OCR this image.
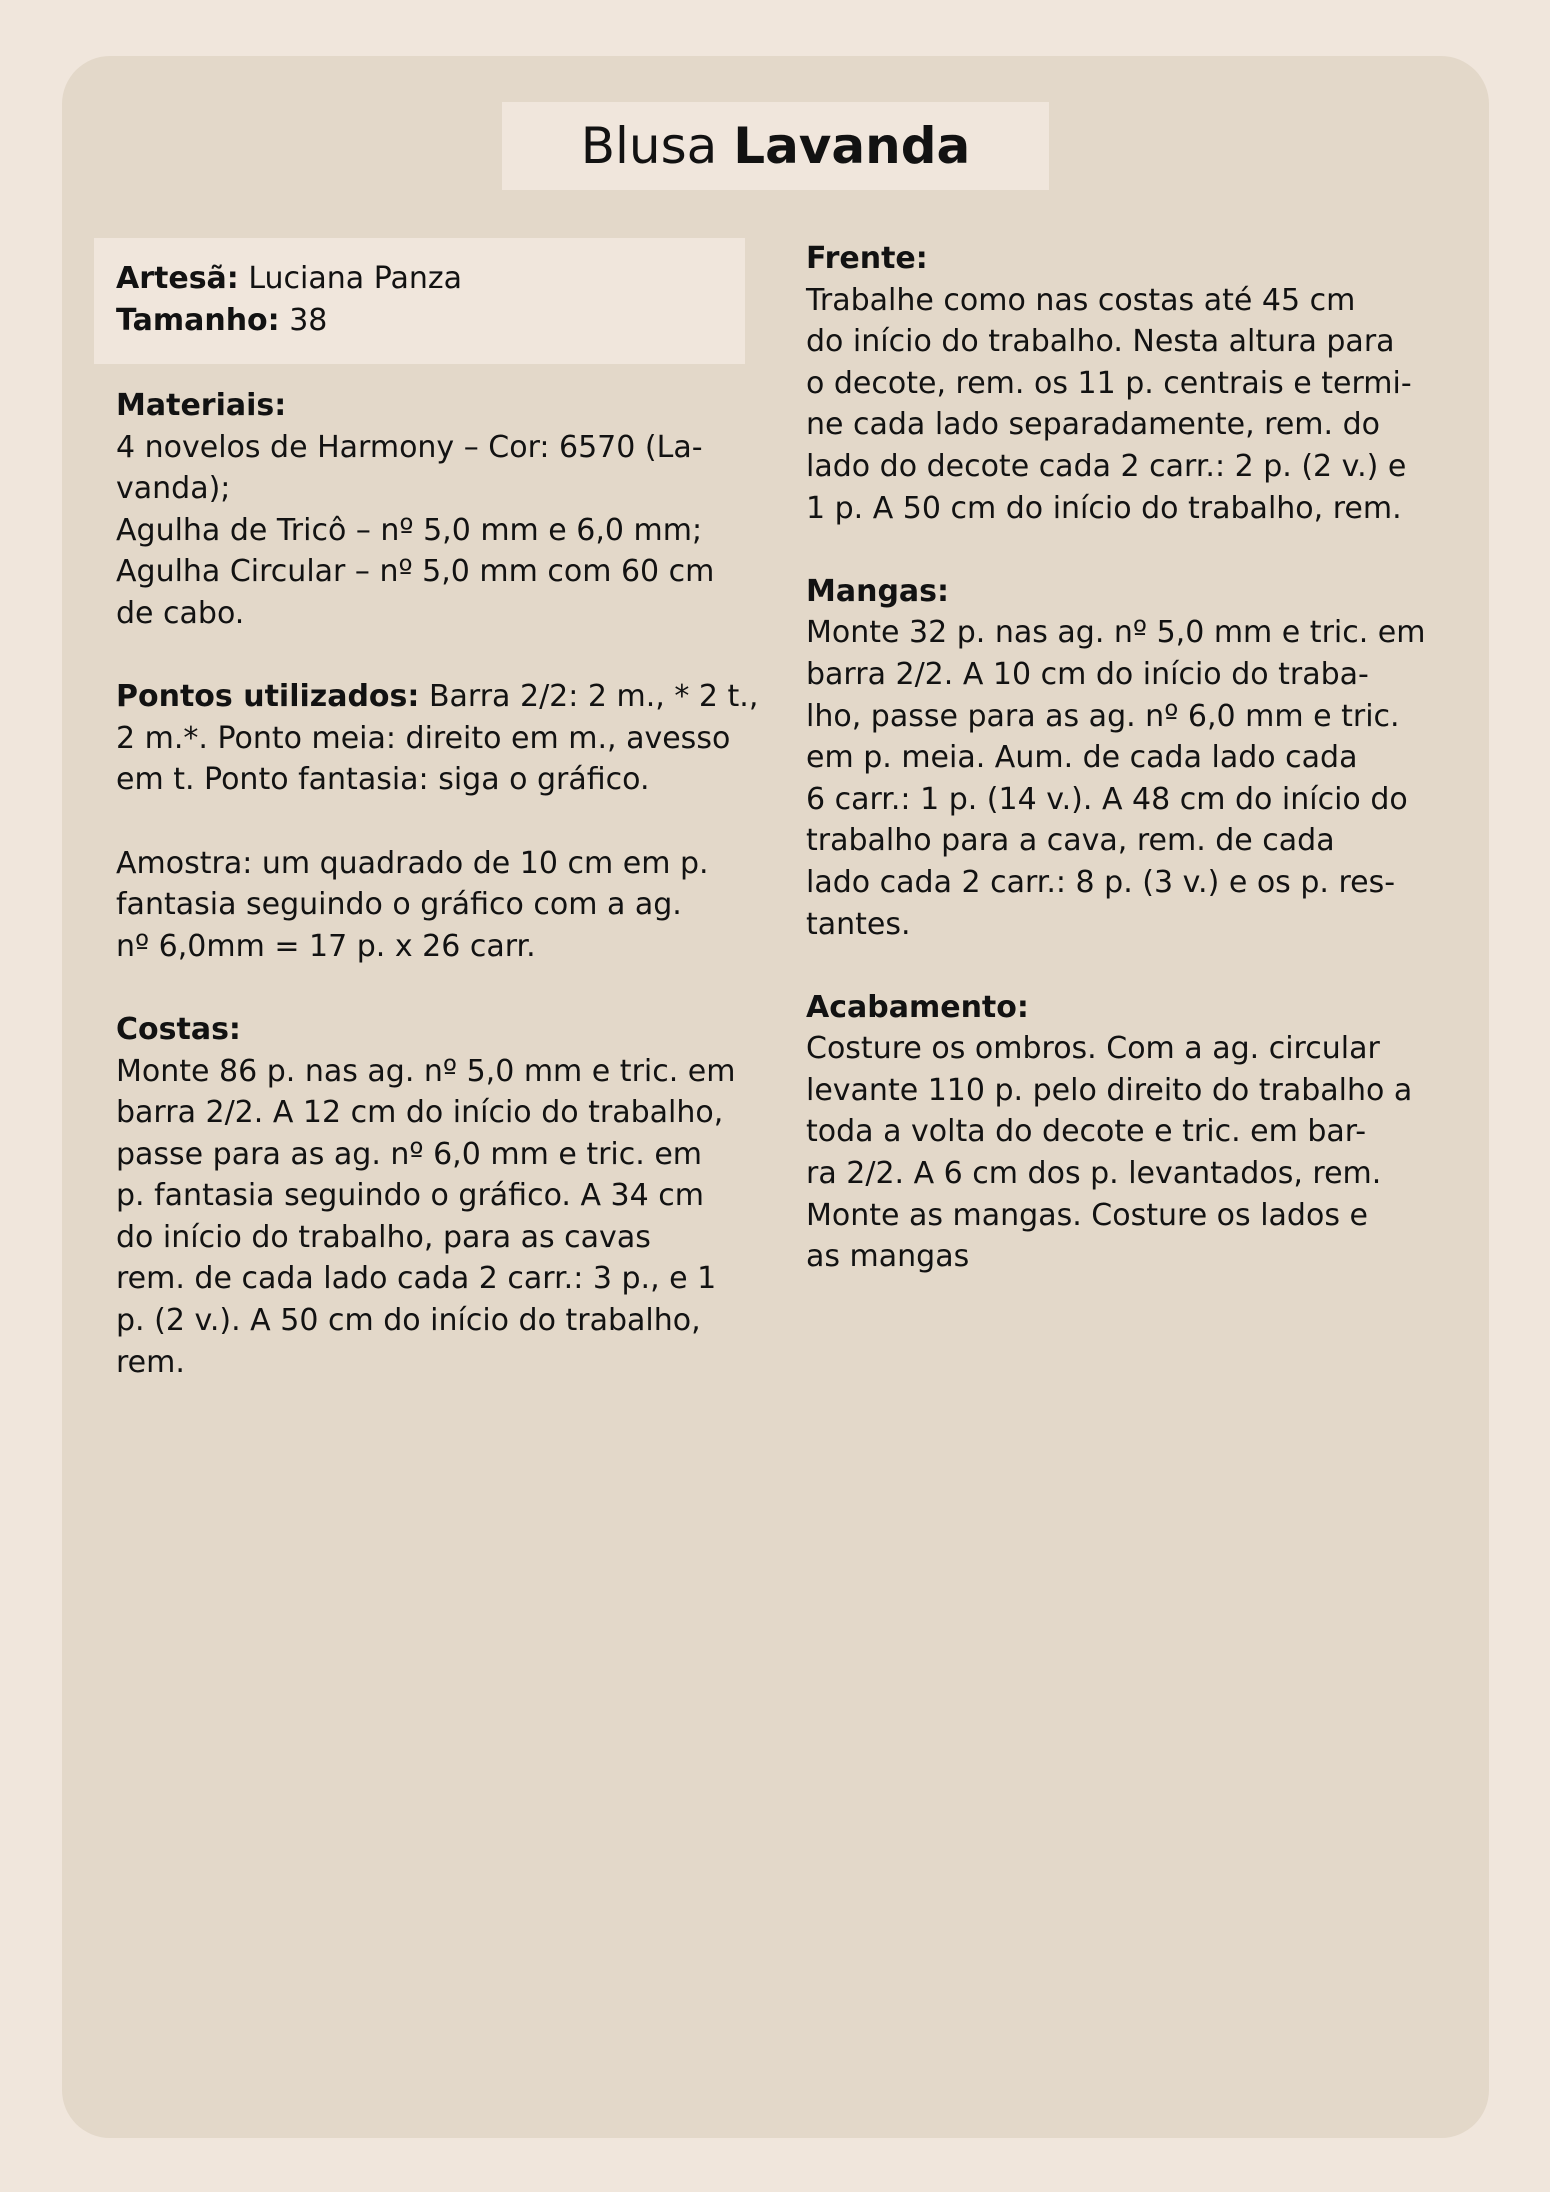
Blusa Lavanda
Artesã: Luciana Panza
Tamanho: 38
Materiais:
4 novelos de Harmony – Cor: 6570 (La-
vanda);
Agulha de Tricô – nº 5,0 mm e 6,0 mm;
Agulha Circular – nº 5,0 mm com 60 cm
de cabo.
Pontos utilizados: Barra 2/2: 2 m., * 2 t.,
2 m.*. Ponto meia: direito em m., avesso
em t. Ponto fantasia: siga o gráfico.
Amostra: um quadrado de 10 cm em p.
fantasia seguindo o gráfico com a ag.
nº 6,0mm = 17 p. x 26 carr.
Costas:
Monte 86 p. nas ag. nº 5,0 mm e tric. em
barra 2/2. A 12 cm do início do trabalho,
passe para as ag. nº 6,0 mm e tric. em
p. fantasia seguindo o gráfico. A 34 cm
do início do trabalho, para as cavas
rem. de cada lado cada 2 carr.: 3 p., e 1
p. (2 v.). A 50 cm do início do trabalho,
rem.
Frente:
Trabalhe como nas costas até 45 cm
do início do trabalho. Nesta altura para
o decote, rem. os 11 p. centrais e termi-
ne cada lado separadamente, rem. do
lado do decote cada 2 carr.: 2 p. (2 v.) e
1 p. A 50 cm do início do trabalho, rem.
Mangas:
Monte 32 p. nas ag. nº 5,0 mm e tric. em
barra 2/2. A 10 cm do início do traba-
lho, passe para as ag. nº 6,0 mm e tric.
em p. meia. Aum. de cada lado cada
6 carr.: 1 p. (14 v.). A 48 cm do início do
trabalho para a cava, rem. de cada
lado cada 2 carr.: 8 p. (3 v.) e os p. res-
tantes.
Acabamento:
Costure os ombros. Com a ag. circular
levante 110 p. pelo direito do trabalho a
toda a volta do decote e tric. em bar-
ra 2/2. A 6 cm dos p. levantados, rem.
Monte as mangas. Costure os lados e
as mangas
